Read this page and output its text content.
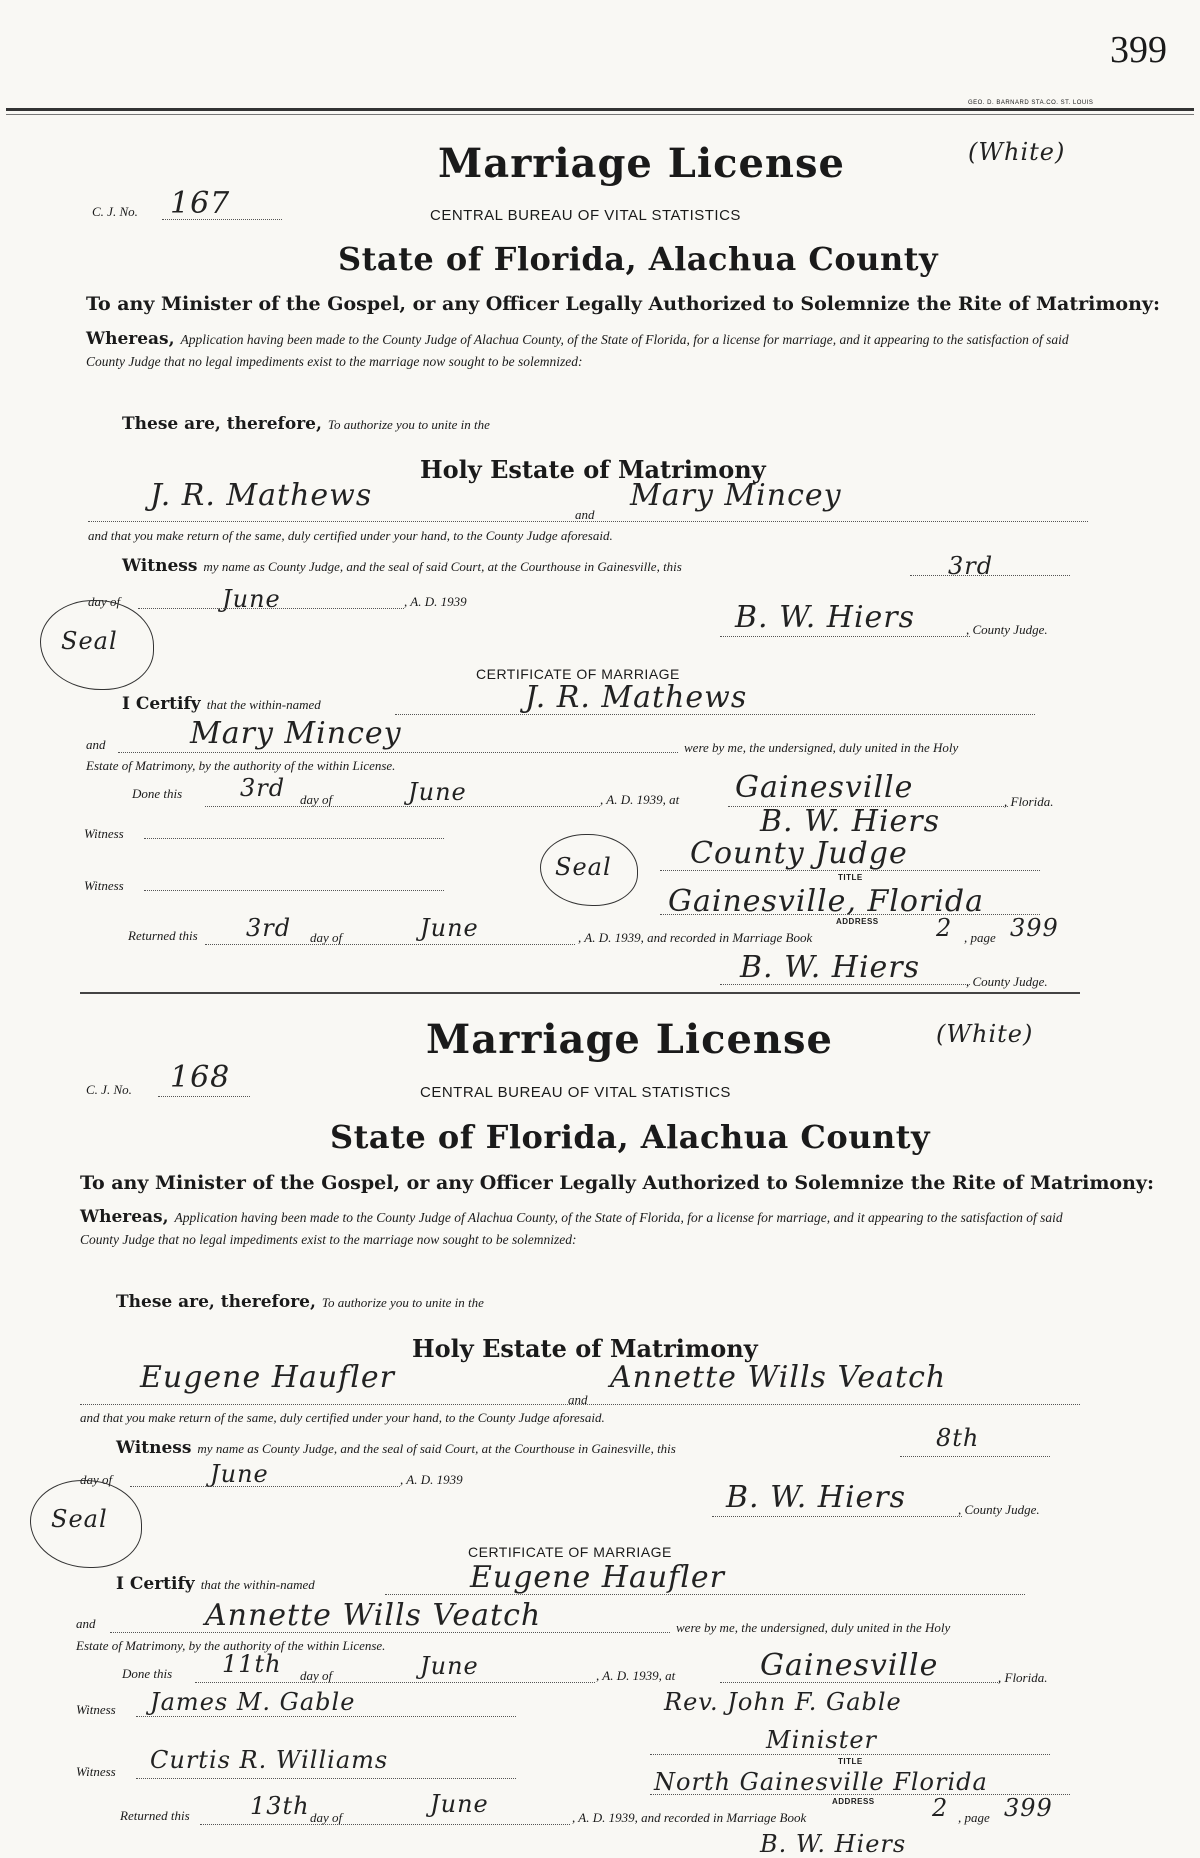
399
GEO. D. BARNARD STA.CO. ST. LOUIS
Marriage License	(White)
C. J. No. 167	CENTRAL BUREAU OF VITAL STATISTICS
State of Florida, Alachua County
To any Minister of the Gospel, or any Officer Legally Authorized to Solemnize the Rite of Matrimony:
Whereas, Application having been made to the County Judge of Alachua County, of the State of Florida, for a license for marriage, and it appearing to the satisfaction of said County Judge that no legal impediments exist to the marriage now sought to be solemnized:
These are, therefore, To authorize you to unite in the
Holy Estate of Matrimony
J. R. Mathews
and
Mary Mincey
and that you make return of the same, duly certified under your hand, to the County Judge aforesaid.
Witness my name as County Judge, and the seal of said Court, at the Courthouse in Gainesville, this	3rd
day of	June	, A. D. 1939
Seal
B. W. Hiers	, County Judge.
CERTIFICATE OF MARRIAGE
I Certify that the within-named	J. R. Mathews
and	Mary Mincey	were by me, the undersigned, duly united in the Holy
Estate of Matrimony, by the authority of the within License.
Done this 3rd day of	June	, A. D. 1939, at Gainesville	, Florida.
Witness	B. W. Hiers
Seal	County Judge
TITLE
Witness	Gainesville, Florida
ADDRESS
Returned this 3rd day of	June	, A. D. 1939, and recorded in Marriage Book	2 , page 399
B. W. Hiers	, County Judge.
Marriage License	(White)
C. J. No. 168	CENTRAL BUREAU OF VITAL STATISTICS
State of Florida, Alachua County
To any Minister of the Gospel, or any Officer Legally Authorized to Solemnize the Rite of Matrimony:
Whereas, Application having been made to the County Judge of Alachua County, of the State of Florida, for a license for marriage, and it appearing to the satisfaction of said County Judge that no legal impediments exist to the marriage now sought to be solemnized:
These are, therefore, To authorize you to unite in the
Holy Estate of Matrimony
Eugene Haufler
and
Annette Wills Veatch
and that you make return of the same, duly certified under your hand, to the County Judge aforesaid.
Witness my name as County Judge, and the seal of said Court, at the Courthouse in Gainesville, this	8th
day of	June	, A. D. 1939
Seal
B. W. Hiers	, County Judge.
CERTIFICATE OF MARRIAGE
I Certify that the within-named	Eugene Haufler
and	Annette Wills Veatch	were by me, the undersigned, duly united in the Holy
Estate of Matrimony, by the authority of the within License.
Done this 11th day of	June	, A. D. 1939, at	Gainesville	, Florida.
Witness James M. Gable	Rev. John F. Gable
Minister
TITLE
Witness Curtis R. Williams
North Gainesville Florida
ADDRESS
Returned this	13th day of	June	, A. D. 1939, and recorded in Marriage Book	2 , page 399
B. W. Hiers
